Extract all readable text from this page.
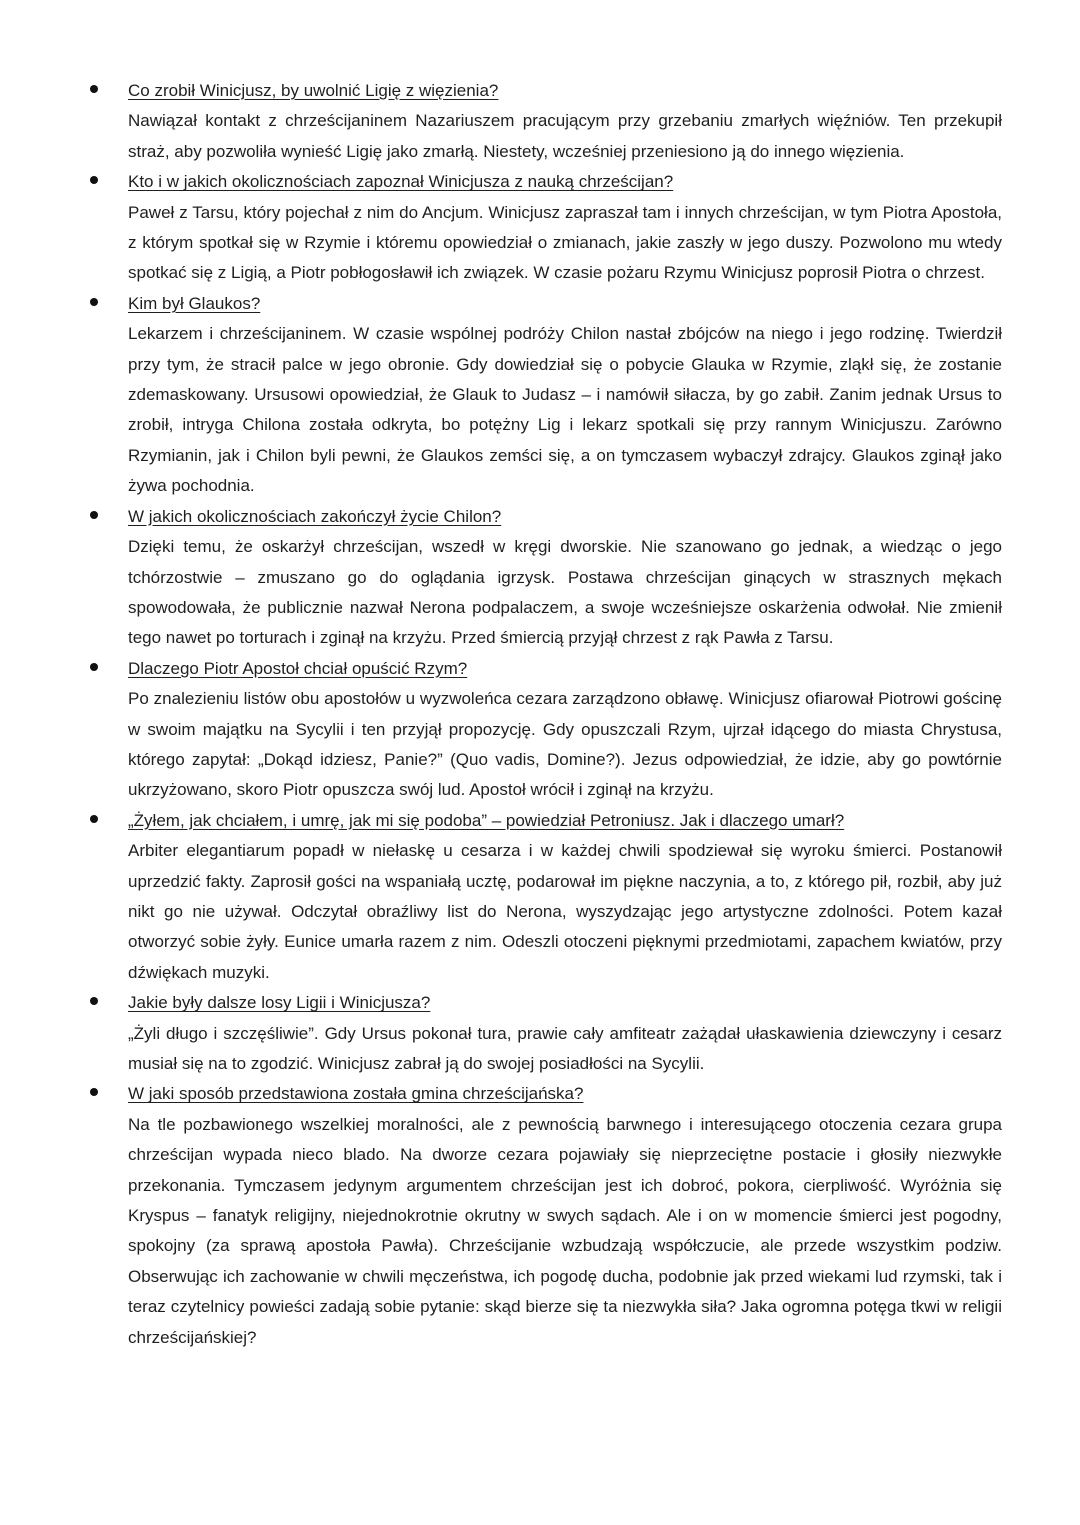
Co zrobił Winicjusz, by uwolnić Ligię z więzienia?

Nawiązał kontakt z chrześcijaninem Nazariuszem pracującym przy grzebaniu zmarłych więźniów. Ten przekupił straż, aby pozwoliła wynieść Ligię jako zmarłą. Niestety, wcześniej przeniesiono ją do innego więzienia.

Kto i w jakich okolicznościach zapoznał Winicjusza z nauką chrześcijan?

Paweł z Tarsu, który pojechał z nim do Ancjum. Winicjusz zapraszał tam i innych chrześcijan, w tym Piotra Apostoła, z którym spotkał się w Rzymie i któremu opowiedział o zmianach, jakie zaszły w jego duszy. Pozwolono mu wtedy spotkać się z Ligią, a Piotr pobłogosławił ich związek. W czasie pożaru Rzymu Winicjusz poprosił Piotra o chrzest.

Kim był Glaukos?

Lekarzem i chrześcijaninem. W czasie wspólnej podróży Chilon nastał zbójców na niego i jego rodzinę. Twierdził przy tym, że stracił palce w jego obronie. Gdy dowiedział się o pobycie Glauka w Rzymie, zląkł się, że zostanie zdemaskowany. Ursusowi opowiedział, że Glauk to Judasz – i namówił siłacza, by go zabił. Zanim jednak Ursus to zrobił, intryga Chilona została odkryta, bo potężny Lig i lekarz spotkali się przy rannym Winicjuszu. Zarówno Rzymianin, jak i Chilon byli pewni, że Glaukos zemści się, a on tymczasem wybaczył zdrajcy. Glaukos zginął jako żywa pochodnia.

W jakich okolicznościach zakończył życie Chilon?

Dzięki temu, że oskarżył chrześcijan, wszedł w kręgi dworskie. Nie szanowano go jednak, a wiedząc o jego tchórzostwie – zmuszano go do oglądania igrzysk. Postawa chrześcijan ginących w strasznych mękach spowodowała, że publicznie nazwał Nerona podpalaczem, a swoje wcześniejsze oskarżenia odwołał. Nie zmienił tego nawet po torturach i zginął na krzyżu. Przed śmiercią przyjął chrzest z rąk Pawła z Tarsu.

Dlaczego Piotr Apostoł chciał opuścić Rzym?

Po znalezieniu listów obu apostołów u wyzwoleńca cezara zarządzono obławę. Winicjusz ofiarował Piotrowi gościnę w swoim majątku na Sycylii i ten przyjął propozycję. Gdy opuszczali Rzym, ujrzał idącego do miasta Chrystusa, którego zapytał: „Dokąd idziesz, Panie?” (Quo vadis, Domine?). Jezus odpowiedział, że idzie, aby go powtórnie ukrzyżowano, skoro Piotr opuszcza swój lud. Apostoł wrócił i zginął na krzyżu.

„Żyłem, jak chciałem, i umrę, jak mi się podoba” – powiedział Petroniusz. Jak i dlaczego umarł?

Arbiter elegantiarum popadł w niełaskę u cesarza i w każdej chwili spodziewał się wyroku śmierci. Postanowił uprzedzić fakty. Zaprosił gości na wspaniałą ucztę, podarował im piękne naczynia, a to, z którego pił, rozbił, aby już nikt go nie używał. Odczytał obraźliwy list do Nerona, wyszydzając jego artystyczne zdolności. Potem kazał otworzyć sobie żyły. Eunice umarła razem z nim. Odeszli otoczeni pięknymi przedmiotami, zapachem kwiatów, przy dźwiękach muzyki.

Jakie były dalsze losy Ligii i Winicjusza?

„Żyli długo i szczęśliwie”. Gdy Ursus pokonał tura, prawie cały amfiteatr zażądał ułaskawienia dziewczyny i cesarz musiał się na to zgodzić. Winicjusz zabrał ją do swojej posiadłości na Sycylii.

W jaki sposób przedstawiona została gmina chrześcijańska?

Na tle pozbawionego wszelkiej moralności, ale z pewnością barwnego i interesującego otoczenia cezara grupa chrześcijan wypada nieco blado. Na dworze cezara pojawiały się nieprzeciętne postacie i głosiły niezwykłe przekonania. Tymczasem jedynym argumentem chrześcijan jest ich dobroć, pokora, cierpliwość. Wyróżnia się Kryspus – fanatyk religijny, niejednokrotnie okrutny w swych sądach. Ale i on w momencie śmierci jest pogodny, spokojny (za sprawą apostoła Pawła). Chrześcijanie wzbudzają współczucie, ale przede wszystkim podziw. Obserwując ich zachowanie w chwili męczeństwa, ich pogodę ducha, podobnie jak przed wiekami lud rzymski, tak i teraz czytelnicy powieści zadają sobie pytanie: skąd bierze się ta niezwykła siła? Jaka ogromna potęga tkwi w religii chrześcijańskiej?
